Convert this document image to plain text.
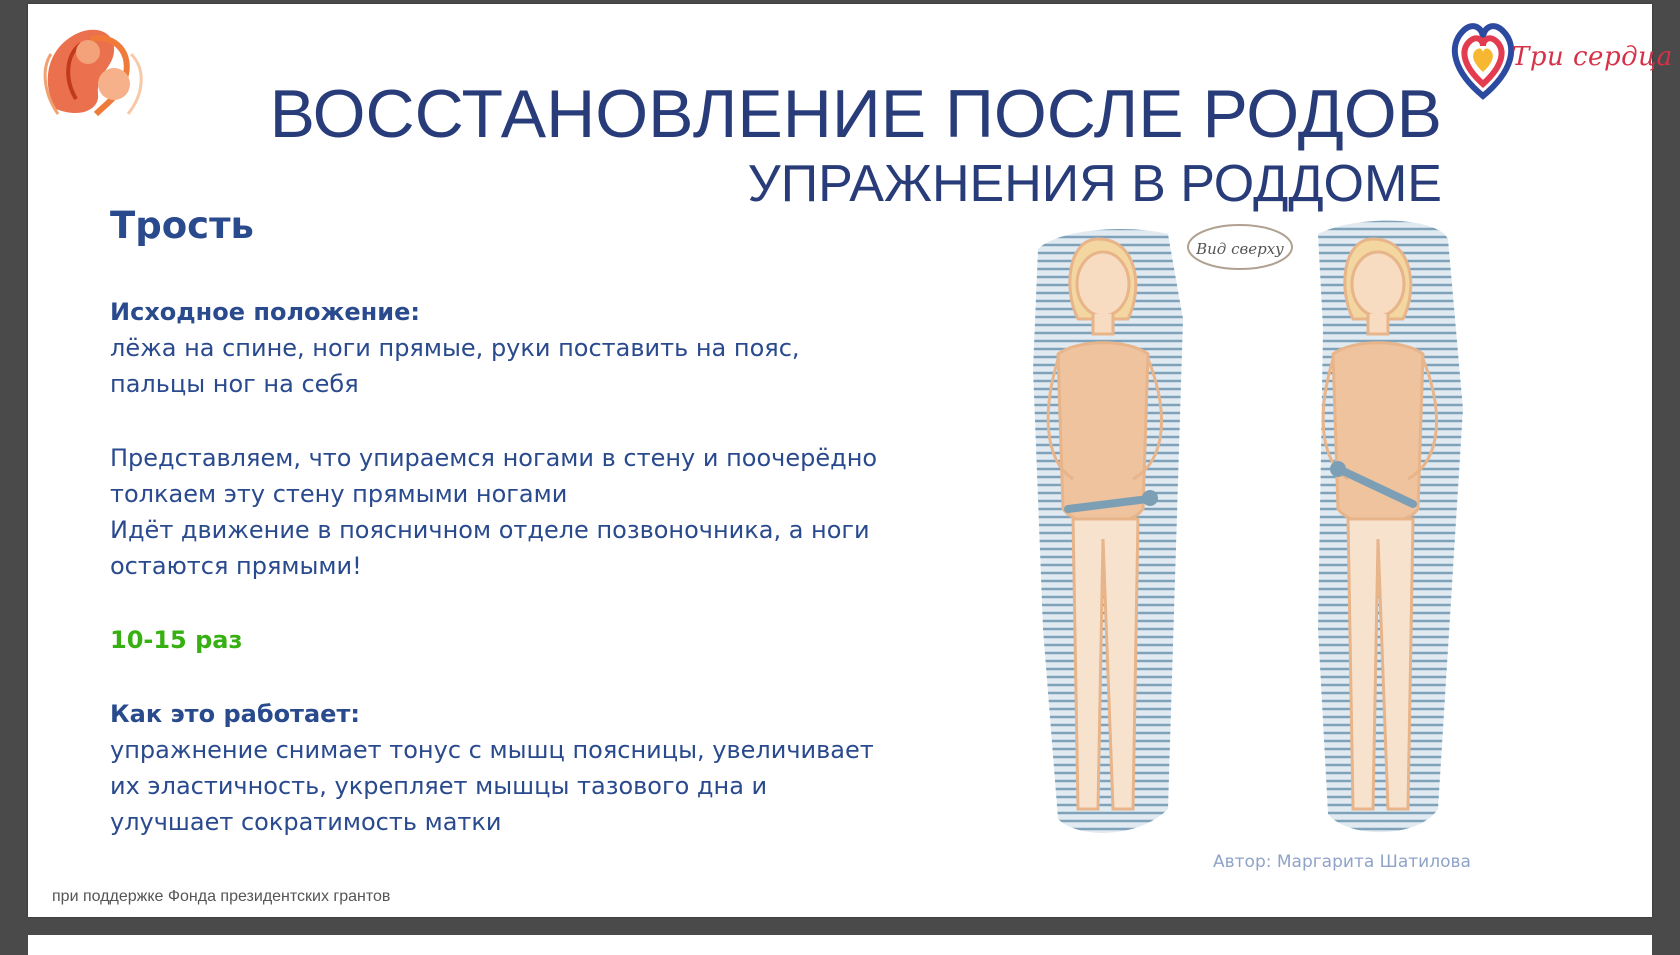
Три сердца
ВОССТАНОВЛЕНИЕ ПОСЛЕ РОДОВ
УПРАЖНЕНИЯ В РОДДОМЕ
Трость
Исходное положение:
лёжа на спине, ноги прямые, руки поставить на пояс,
пальцы ног на себя
Представляем, что упираемся ногами в стену и поочерёдно
толкаем эту стену прямыми ногами
Идёт движение в поясничном отделе позвоночника, а ноги
остаются прямыми!
10-15 раз
Как это работает:
упражнение снимает тонус с мышц поясницы, увеличивает
их эластичность, укрепляет мышцы тазового дна и
улучшает сократимость матки
Вид сверху
Автор: Маргарита Шатилова
при поддержке Фонда президентских грантов
